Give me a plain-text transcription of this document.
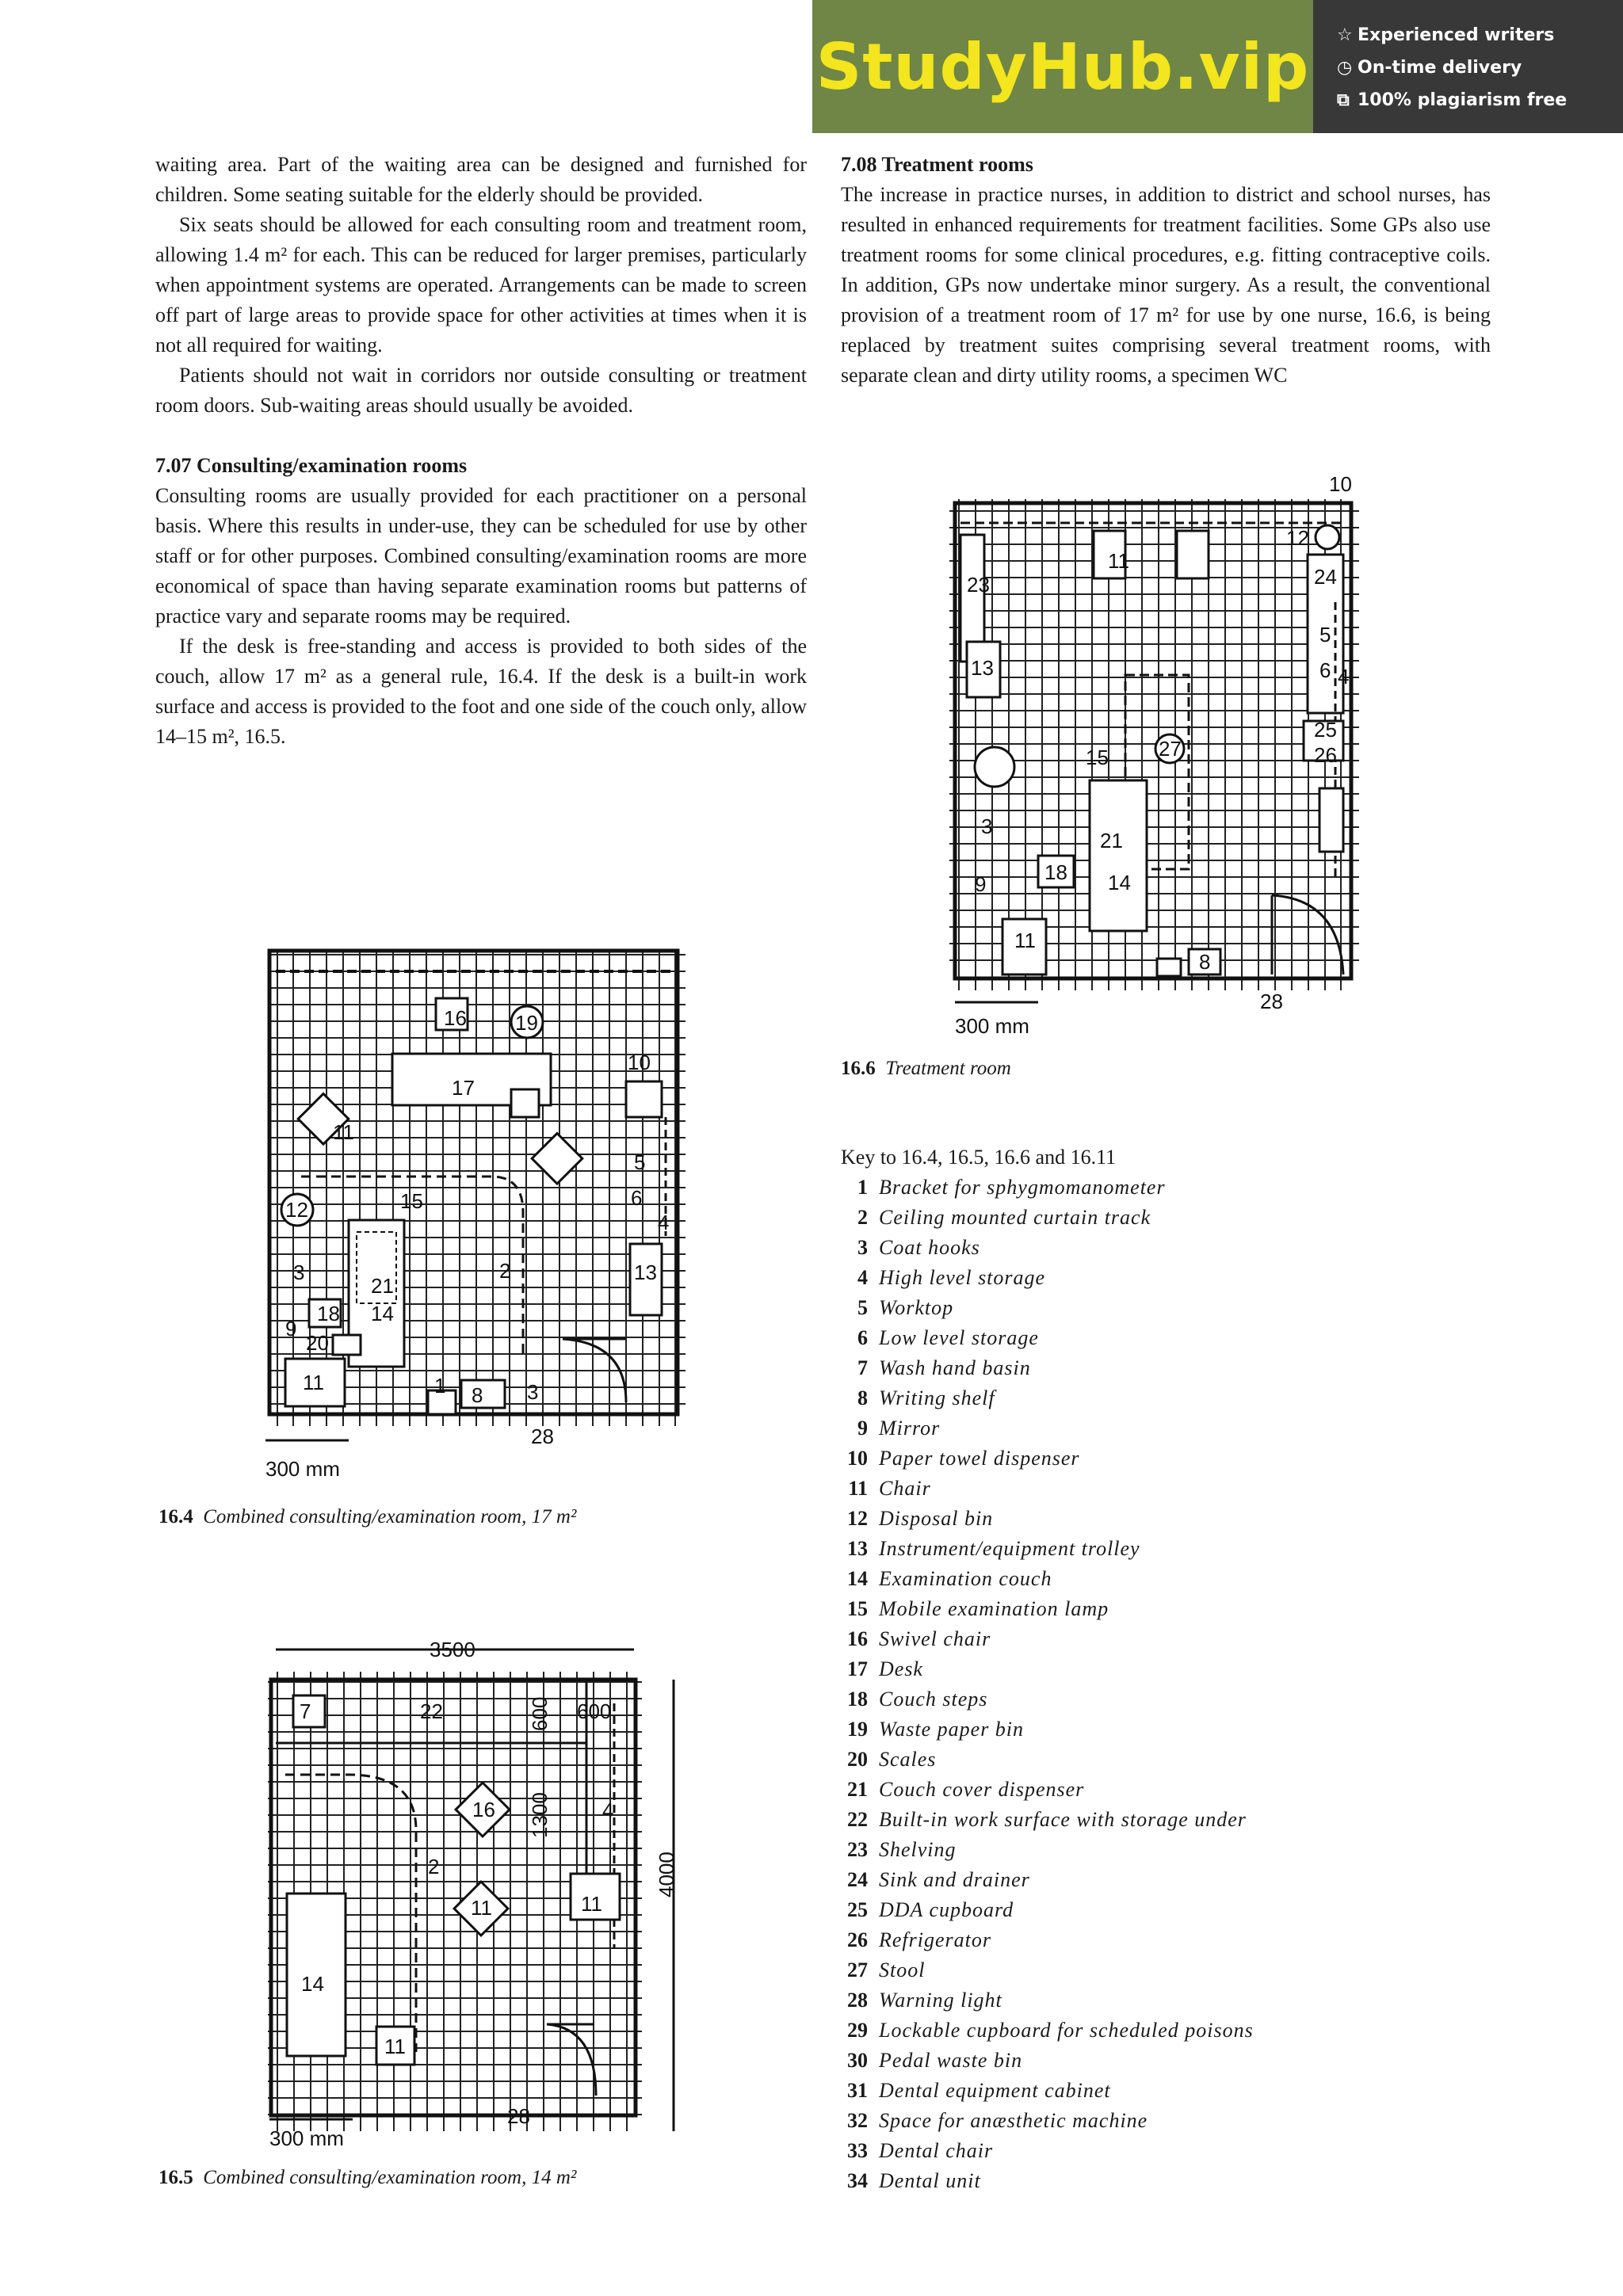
StudyHub.vip ☆ Experienced writers
◷ On-time delivery
⧉ 100% plagiarism free

waiting area. Part of the waiting area can be designed and furnished for children. Some seating suitable for the elderly should be provided.

Six seats should be allowed for each consulting room and treatment room, allowing 1.4 m² for each. This can be reduced for larger premises, particularly when appointment systems are operated. Arrangements can be made to screen off part of large areas to provide space for other activities at times when it is not all required for waiting.

Patients should not wait in corridors nor outside consulting or treatment room doors. Sub-waiting areas should usually be avoided.

7.07 Consulting/examination rooms

Consulting rooms are usually provided for each practitioner on a personal basis. Where this results in under-use, they can be scheduled for use by other staff or for other purposes. Combined consulting/examination rooms are more economical of space than having separate examination rooms but patterns of practice vary and separate rooms may be required.

If the desk is free-standing and access is provided to both sides of the couch, allow 17 m² as a general rule, 16.4. If the desk is a built-in work surface and access is provided to the foot and one side of the couch only, allow 14–15 m², 16.5.

7.08 Treatment rooms

The increase in practice nurses, in addition to district and school nurses, has resulted in enhanced requirements for treatment facilities. Some GPs also use treatment rooms for some clinical procedures, e.g. fitting contraceptive coils. In addition, GPs now undertake minor surgery. As a result, the conventional provision of a treatment room of 17 m² for use by one nurse, 16.6, is being replaced by treatment suites comprising several treatment rooms, with separate clean and dirty utility rooms, a specimen WC

16 19
10
17
11
5
6
4
12	15
2	13
3
21
18 14
20
9
11	1 8 3
28
300 mm
16.4 Combined consulting/examination room, 17 m²
3500
4000
600 600
1300
7	22
16	4
2
11	11
14
11
28
300 mm
16.5 Combined consulting/examination room, 14 m²
10
12
11
24
23
5
6 4
13
25
26
27
15
3
21
18 14
9
11
8
28
300 mm
16.6 Treatment room
Key to 16.4, 16.5, 16.6 and 16.11
1 Bracket for sphygmomanometer
2 Ceiling mounted curtain track
3 Coat hooks
4 High level storage
5 Worktop
6 Low level storage
7 Wash hand basin
8 Writing shelf
9 Mirror
10 Paper towel dispenser
11 Chair
12 Disposal bin
13 Instrument/equipment trolley
14 Examination couch
15 Mobile examination lamp
16 Swivel chair
17 Desk
18 Couch steps
19 Waste paper bin
20 Scales
21 Couch cover dispenser
22 Built-in work surface with storage under
23 Shelving
24 Sink and drainer
25 DDA cupboard
26 Refrigerator
27 Stool
28 Warning light
29 Lockable cupboard for scheduled poisons
30 Pedal waste bin
31 Dental equipment cabinet
32 Space for anæsthetic machine
33 Dental chair
34 Dental unit
